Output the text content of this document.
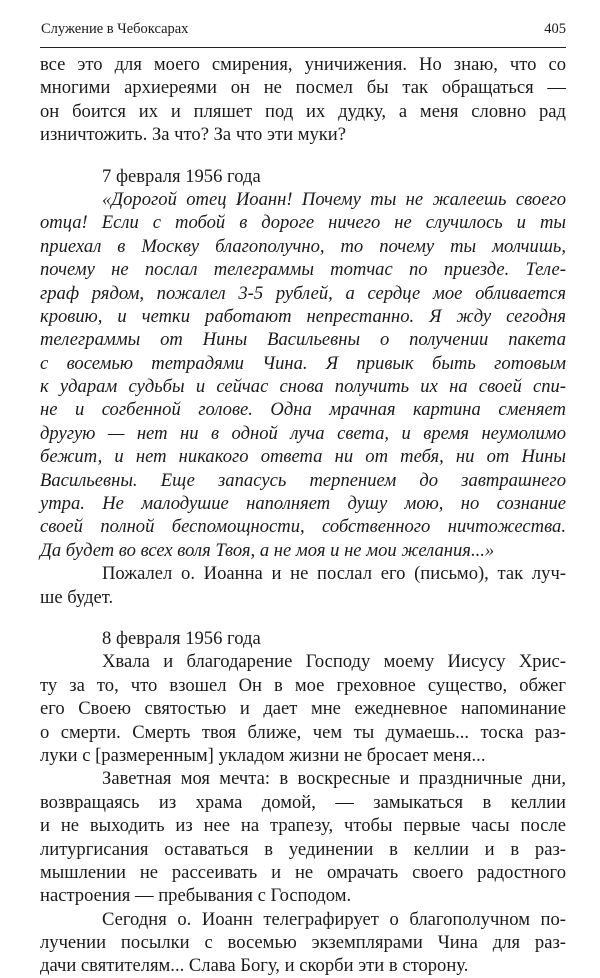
Служение в Чебоксарах	405
все это для моего смирения, уничижения. Но знаю, что со
многими архиереями он не посмел бы так обращаться —
он боится их и пляшет под их дудку, а меня словно рад
изничтожить. За что? За что эти муки?
7 февраля 1956 года
«Дорогой отец Иоанн! Почему ты не жалеешь своего
отца! Если с тобой в дороге ничего не случилось и ты
приехал в Москву благополучно, то почему ты молчишь,
почему не послал телеграммы тотчас по приезде. Теле-
граф рядом, пожалел 3-5 рублей, а сердце мое обливается
кровию, и четки работают непрестанно. Я жду сегодня
телеграммы от Нины Васильевны о получении пакета
с восемью тетрадями Чина. Я привык быть готовым
к ударам судьбы и сейчас снова получить их на своей спи-
не и согбенной голове. Одна мрачная картина сменяет
другую — нет ни в одной луча света, и время неумолимо
бежит, и нет никакого ответа ни от тебя, ни от Нины
Васильевны. Еще запасусь терпением до завтрашнего
утра. Не малодушие наполняет душу мою, но сознание
своей полной беспомощности, собственного ничтожества.
Да будет во всех воля Твоя, а не моя и не мои желания...»
Пожалел о. Иоанна и не послал его (письмо), так луч-
ше будет.
8 февраля 1956 года
Хвала и благодарение Господу моему Иисусу Хрис-
ту за то, что взошел Он в мое греховное существо, обжег
его Своею святостью и дает мне ежедневное напоминание
о смерти. Смерть твоя ближе, чем ты думаешь... тоска раз-
луки с [размеренным] укладом жизни не бросает меня...
Заветная моя мечта: в воскресные и праздничные дни,
возвращаясь из храма домой, — замыкаться в келлии
и не выходить из нее на трапезу, чтобы первые часы после
литургисания оставаться в уединении в келлии и в раз-
мышлении не рассеивать и не омрачать своего радостного
настроения — пребывания с Господом.
Сегодня о. Иоанн телеграфирует о благополучном по-
лучении посылки с восемью экземплярами Чина для раз-
дачи святителям... Слава Богу, и скорби эти в сторону.
